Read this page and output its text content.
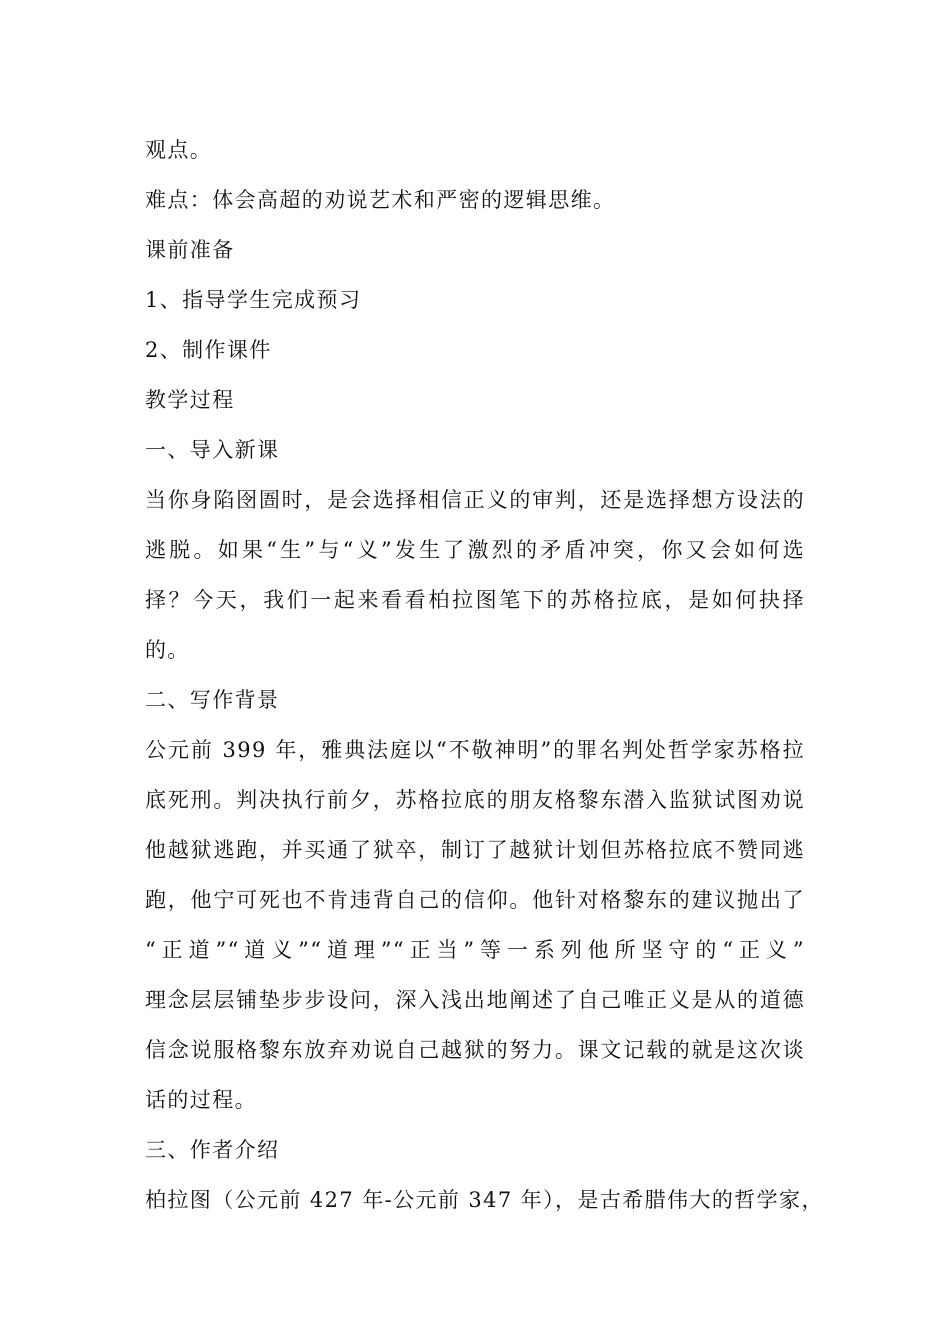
观点。
难点：体会高超的劝说艺术和严密的逻辑思维。
课前准备
1、指导学生完成预习
2、制作课件
教学过程
一、导入新课
当你身陷囹圄时，是会选择相信正义的审判，还是选择想方设法的
逃脱。如果“生”与“义”发生了激烈的矛盾冲突，你又会如何选
择？今天，我们一起来看看柏拉图笔下的苏格拉底，是如何抉择
的。
二、写作背景
公元前 399 年，雅典法庭以“不敬神明”的罪名判处哲学家苏格拉
底死刑。判决执行前夕，苏格拉底的朋友格黎东潜入监狱试图劝说
他越狱逃跑，并买通了狱卒，制订了越狱计划但苏格拉底不赞同逃
跑，他宁可死也不肯违背自己的信仰。他针对格黎东的建议抛出了
“正道”“道义”“道理”“正当”等一系列他所坚守的“正义”
理念层层铺垫步步设问，深入浅出地阐述了自己唯正义是从的道德
信念说服格黎东放弃劝说自己越狱的努力。课文记载的就是这次谈
话的过程。
三、作者介绍
柏拉图（公元前 427 年-公元前 347 年），是古希腊伟大的哲学家，
